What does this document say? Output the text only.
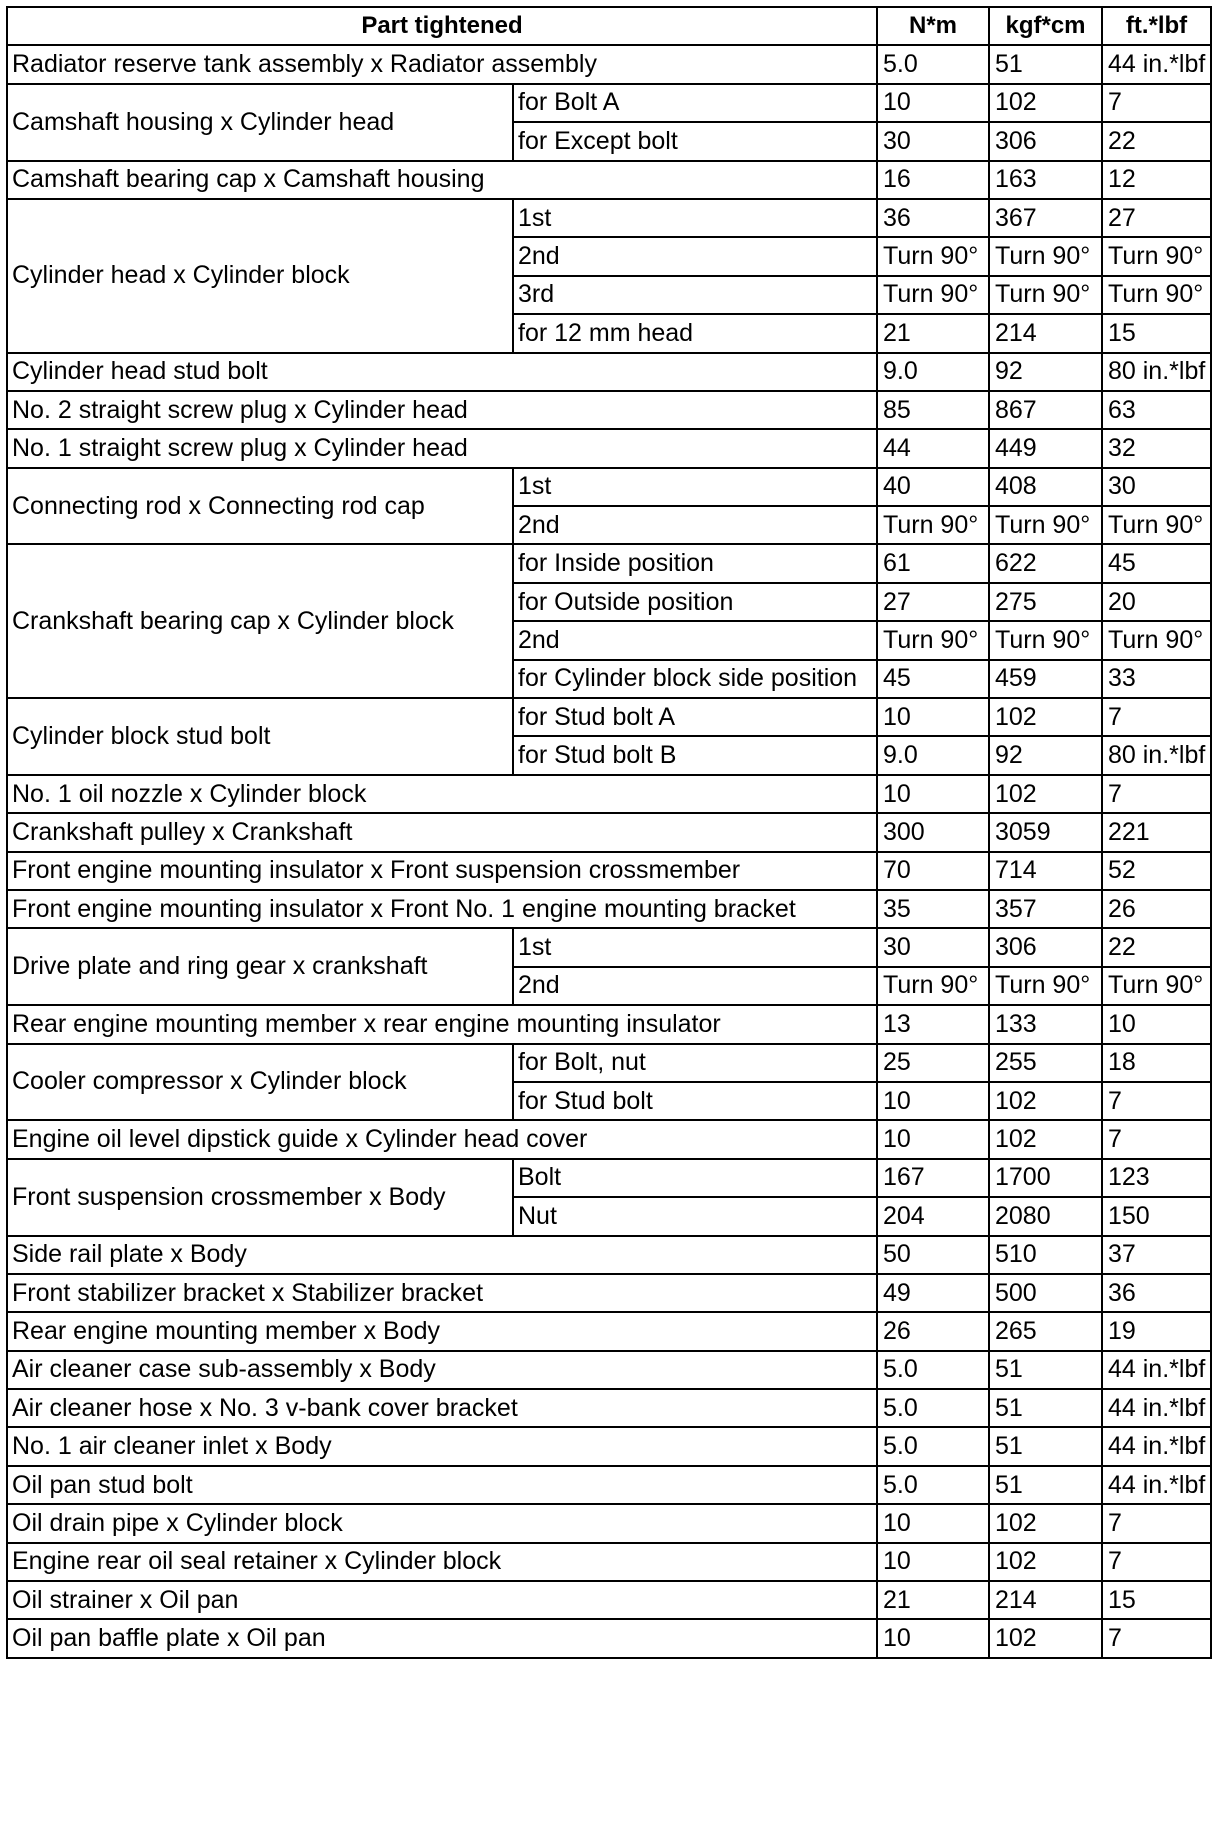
Part tightened		N*m	kgf*cm	ft.*lbf
Radiator reserve tank assembly x Radiator assembly		5.0	51	44 in.*lbf
Camshaft housing x Cylinder head	for Bolt A	10	102	7
	for Except bolt	30	306	22
Camshaft bearing cap x Camshaft housing		16	163	12
Cylinder head x Cylinder block	1st	36	367	27
	2nd	Turn 90°	Turn 90°	Turn 90°
	3rd	Turn 90°	Turn 90°	Turn 90°
	for 12 mm head	21	214	15
Cylinder head stud bolt		9.0	92	80 in.*lbf
No. 2 straight screw plug x Cylinder head		85	867	63
No. 1 straight screw plug x Cylinder head		44	449	32
Connecting rod x Connecting rod cap	1st	40	408	30
	2nd	Turn 90°	Turn 90°	Turn 90°
Crankshaft bearing cap x Cylinder block	for Inside position	61	622	45
	for Outside position	27	275	20
	2nd	Turn 90°	Turn 90°	Turn 90°
	for Cylinder block side position	45	459	33
Cylinder block stud bolt	for Stud bolt A	10	102	7
	for Stud bolt B	9.0	92	80 in.*lbf
No. 1 oil nozzle x Cylinder block		10	102	7
Crankshaft pulley x Crankshaft		300	3059	221
Front engine mounting insulator x Front suspension crossmember		70	714	52
Front engine mounting insulator x Front No. 1 engine mounting bracket		35	357	26
Drive plate and ring gear x crankshaft	1st	30	306	22
	2nd	Turn 90°	Turn 90°	Turn 90°
Rear engine mounting member x rear engine mounting insulator		13	133	10
Cooler compressor x Cylinder block	for Bolt, nut	25	255	18
	for Stud bolt	10	102	7
Engine oil level dipstick guide x Cylinder head cover		10	102	7
Front suspension crossmember x Body	Bolt	167	1700	123
	Nut	204	2080	150
Side rail plate x Body		50	510	37
Front stabilizer bracket x Stabilizer bracket		49	500	36
Rear engine mounting member x Body		26	265	19
Air cleaner case sub-assembly x Body		5.0	51	44 in.*lbf
Air cleaner hose x No. 3 v-bank cover bracket		5.0	51	44 in.*lbf
No. 1 air cleaner inlet x Body		5.0	51	44 in.*lbf
Oil pan stud bolt		5.0	51	44 in.*lbf
Oil drain pipe x Cylinder block		10	102	7
Engine rear oil seal retainer x Cylinder block		10	102	7
Oil strainer x Oil pan		21	214	15
Oil pan baffle plate x Oil pan		10	102	7
